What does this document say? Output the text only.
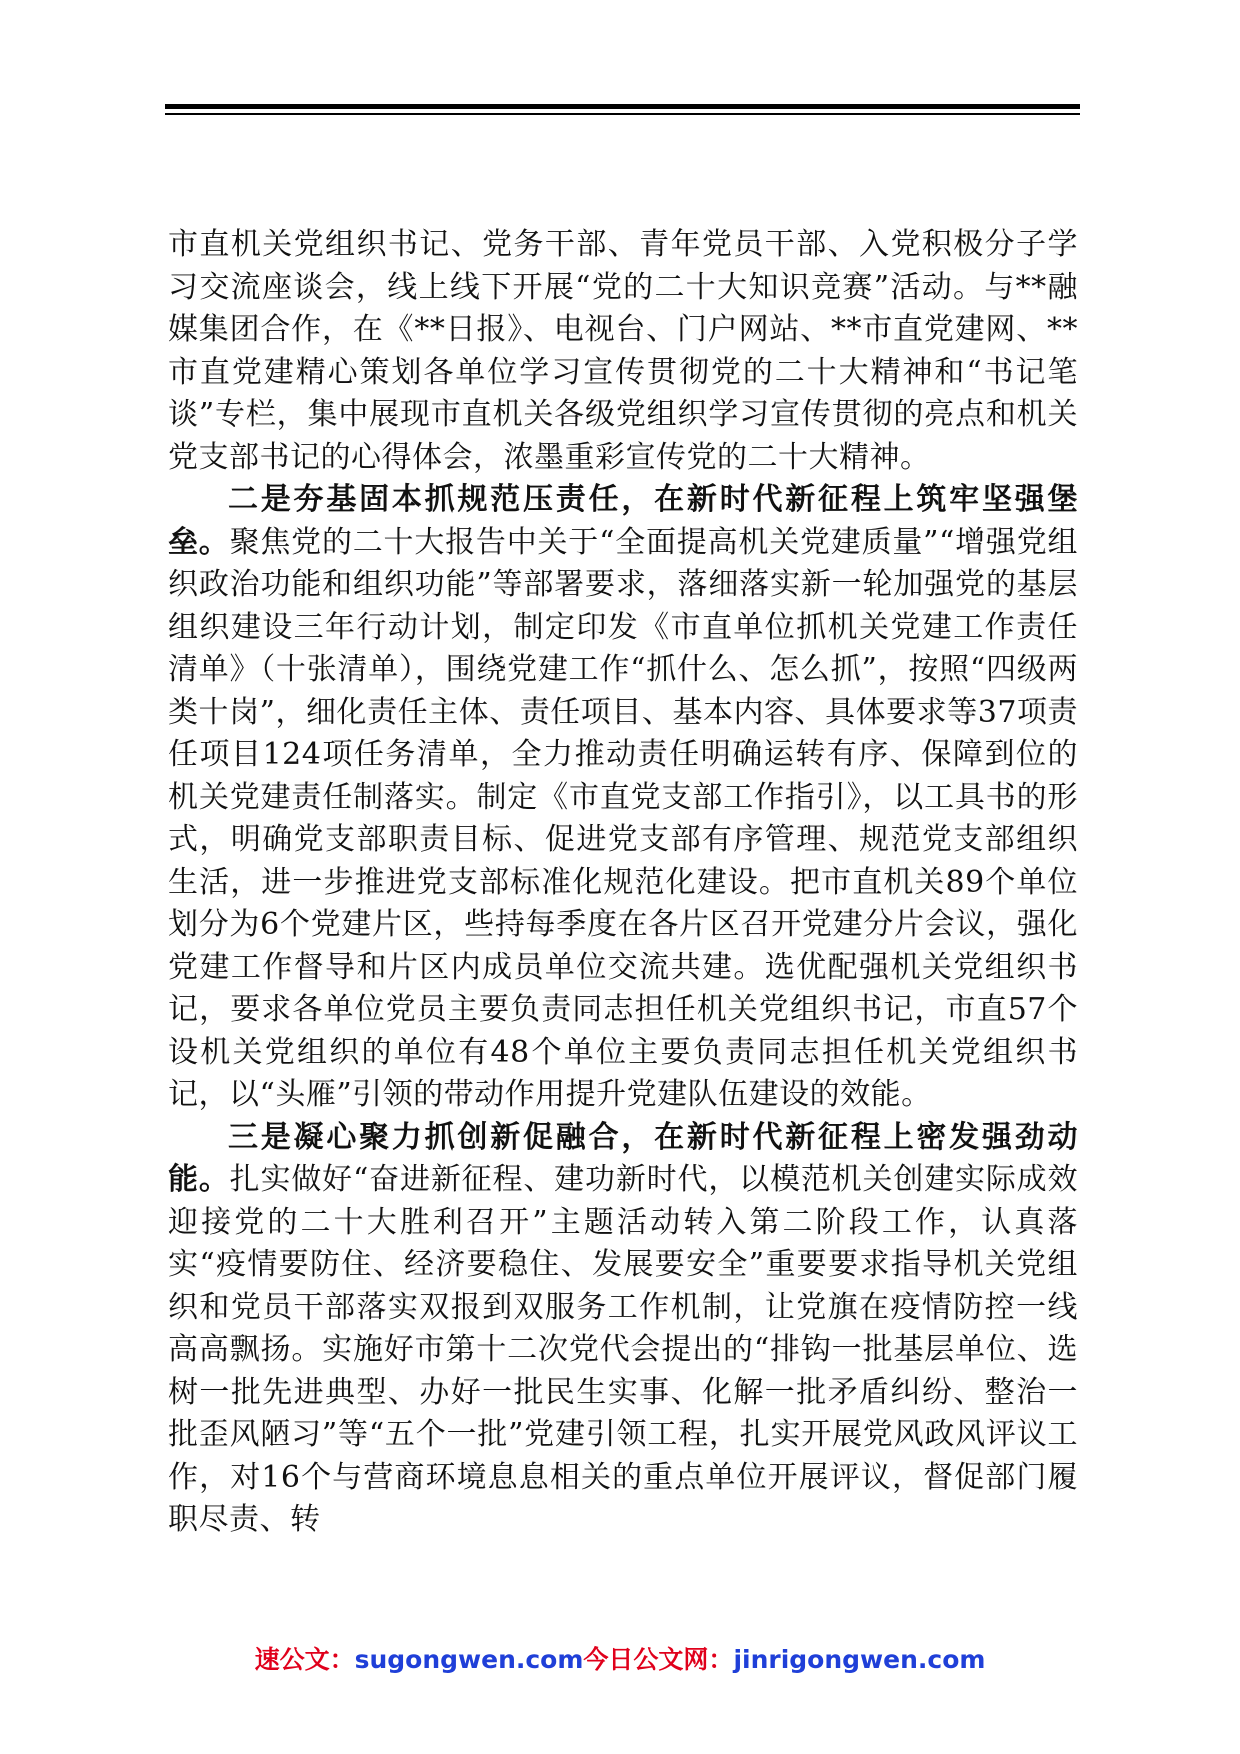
市直机关党组织书记、党务干部、青年党员干部、入党积极分子学习交流座谈会，线上线下开展“党的二十大知识竞赛”活动。与**融媒集团合作，在《**日报》、电视台、门户网站、**市直党建网、**市直党建精心策划各单位学习宣传贯彻党的二十大精神和“书记笔谈”专栏，集中展现市直机关各级党组织学习宣传贯彻的亮点和机关党支部书记的心得体会，浓墨重彩宣传党的二十大精神。

二是夯基固本抓规范压责任，在新时代新征程上筑牢坚强堡垒。聚焦党的二十大报告中关于“全面提高机关党建质量”“增强党组织政治功能和组织功能”等部署要求，落细落实新一轮加强党的基层组织建设三年行动计划，制定印发《市直单位抓机关党建工作责任清单》（十张清单），围绕党建工作“抓什么、怎么抓”，按照“四级两类十岗”，细化责任主体、责任项目、基本内容、具体要求等37项责任项目124项任务清单，全力推动责任明确运转有序、保障到位的机关党建责任制落实。制定《市直党支部工作指引》，以工具书的形式，明确党支部职责目标、促进党支部有序管理、规范党支部组织生活，进一步推进党支部标准化规范化建设。把市直机关89个单位划分为6个党建片区，些持每季度在各片区召开党建分片会议，强化党建工作督导和片区内成员单位交流共建。选优配强机关党组织书记，要求各单位党员主要负责同志担任机关党组织书记，市直57个设机关党组织的单位有48个单位主要负责同志担任机关党组织书记，以“头雁”引领的带动作用提升党建队伍建设的效能。

三是凝心聚力抓创新促融合，在新时代新征程上密发强劲动能。扎实做好“奋进新征程、建功新时代，以模范机关创建实际成效迎接党的二十大胜利召开”主题活动转入第二阶段工作，认真落实“疫情要防住、经济要稳住、发展要安全”重要要求指导机关党组织和党员干部落实双报到双服务工作机制，让党旗在疫情防控一线高高飘扬。实施好市第十二次党代会提出的“排钩一批基层单位、选树一批先进典型、办好一批民生实事、化解一批矛盾纠纷、整治一批歪风陋习”等“五个一批”党建引领工程，扎实开展党风政风评议工作，对16个与营商环境息息相关的重点单位开展评议，督促部门履职尽责、转

速公文：sugongwen.com今日公文网：jinrigongwen.com
